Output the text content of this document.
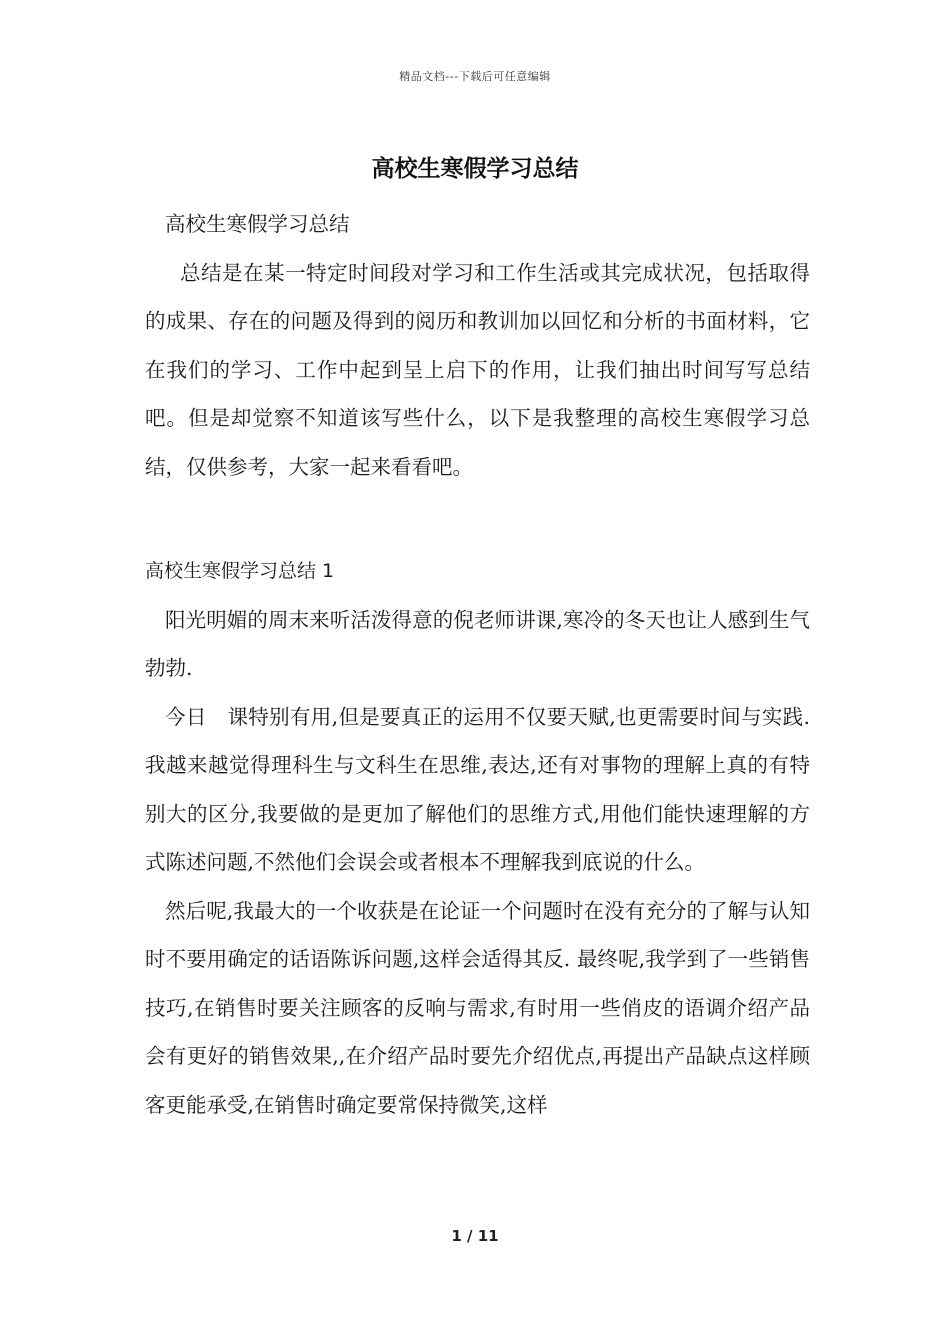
精品文档---下载后可任意编辑
高校生寒假学习总结

高校生寒假学习总结

总结是在某一特定时间段对学习和工作生活或其完成状况，包括取得的成果、存在的问题及得到的阅历和教训加以回忆和分析的书面材料，它在我们的学习、工作中起到呈上启下的作用，让我们抽出时间写写总结吧。但是却觉察不知道该写些什么，以下是我整理的高校生寒假学习总结，仅供参考，大家一起来看看吧。

高校生寒假学习总结 1

阳光明媚的周末来听活泼得意的倪老师讲课,寒冷的冬天也让人感到生气勃勃.

今日　课特别有用,但是要真正的运用不仅要天赋,也更需要时间与实践.我越来越觉得理科生与文科生在思维,表达,还有对事物的理解上真的有特别大的区分,我要做的是更加了解他们的思维方式,用他们能快速理解的方式陈述问题,不然他们会误会或者根本不理解我到底说的什么。

然后呢,我最大的一个收获是在论证一个问题时在没有充分的了解与认知时不要用确定的话语陈诉问题,这样会适得其反. 最终呢,我学到了一些销售技巧,在销售时要关注顾客的反响与需求,有时用一些俏皮的语调介绍产品会有更好的销售效果,,在介绍产品时要先介绍优点,再提出产品缺点这样顾客更能承受,在销售时确定要常保持微笑,这样

1 / 11
